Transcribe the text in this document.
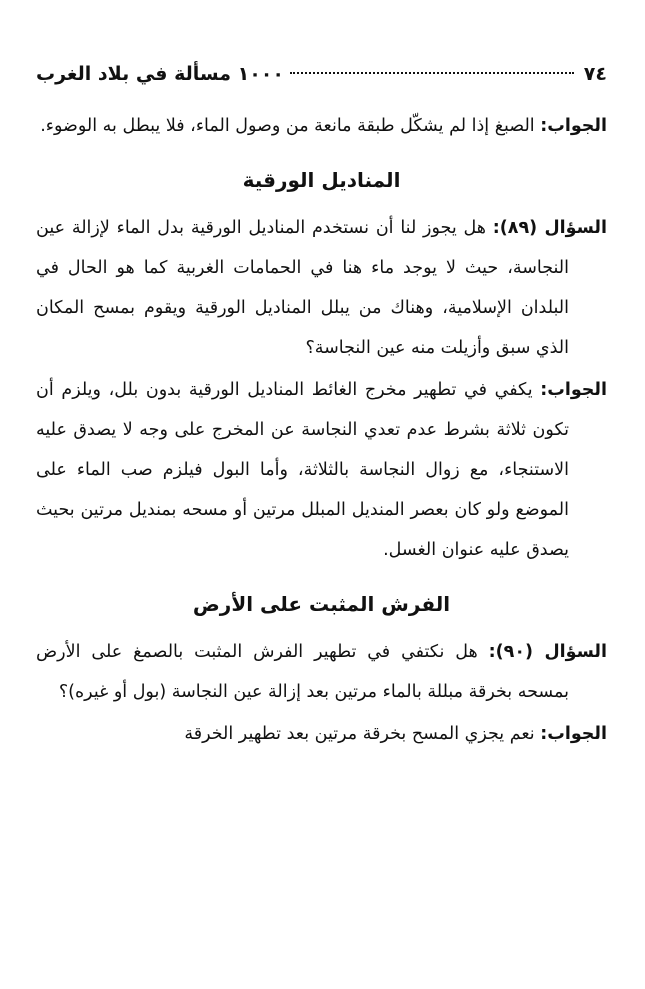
٧٤
١٠٠٠ مسألة في بلاد الغرب

الجواب: الصبغ إذا لم يشكّل طبقة مانعة من وصول الماء، فلا يبطل به الوضوء.

المناديل الورقية

السؤال (٨٩): هل يجوز لنا أن نستخدم المناديل الورقية بدل الماء لإزالة عين النجاسة، حيث لا يوجد ماء هنا في الحمامات الغربية كما هو الحال في البلدان الإسلامية، وهناك من يبلل المناديل الورقية ويقوم بمسح المكان الذي سبق وأزيلت منه عين النجاسة؟

الجواب: يكفي في تطهير مخرج الغائط المناديل الورقية بدون بلل، ويلزم أن تكون ثلاثة بشرط عدم تعدي النجاسة عن المخرج على وجه لا يصدق عليه الاستنجاء، مع زوال النجاسة بالثلاثة، وأما البول فيلزم صب الماء على الموضع ولو كان بعصر المنديل المبلل مرتين أو مسحه بمنديل مرتين بحيث يصدق عليه عنوان الغسل.

الفرش المثبت على الأرض

السؤال (٩٠): هل نكتفي في تطهير الفرش المثبت بالصمغ على الأرض بمسحه بخرقة مبللة بالماء مرتين بعد إزالة عين النجاسة (بول أو غيره)؟

الجواب: نعم يجزي المسح بخرقة مرتين بعد تطهير الخرقة
